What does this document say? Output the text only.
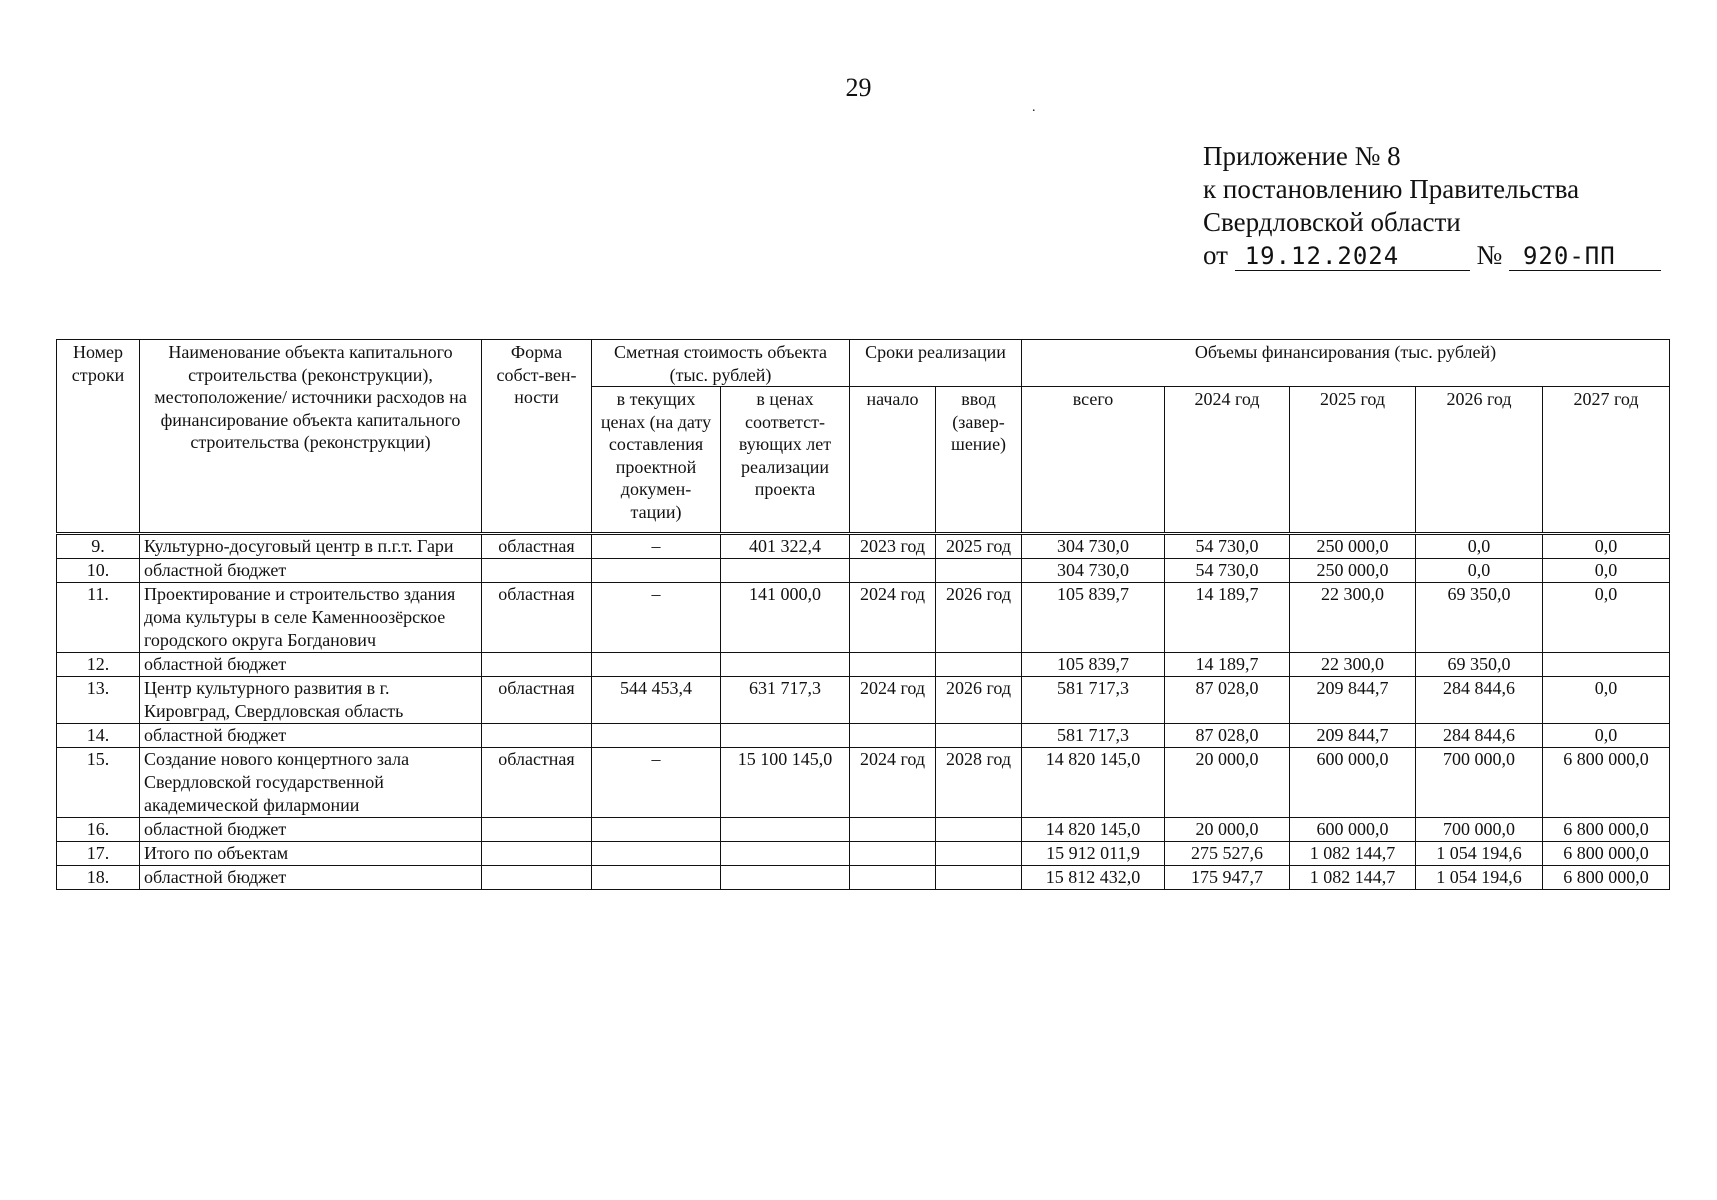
29
.
Приложение № 8
к постановлению Правительства
Свердловской области
от 19.12.2024	№ 920-ПП
Номер строки	Наименование объекта капитального строительства (реконструкции), местоположение/ источники расходов на финансирование объекта капитального строительства (реконструкции)	Форма собст-вен-ности	Сметная стоимость объекта (тыс. рублей)		Сроки реализации		Объемы финансирования (тыс. рублей)				
			в текущих ценах (на дату составления проектной докумен-тации)	в ценах соответст-вующих лет реализации проекта	начало	ввод (завер-шение)	всего	2024 год	2025 год	2026 год	2027 год
9.	Культурно-досуговый центр в п.г.т. Гари	областная	–	401 322,4	2023 год	2025 год	304 730,0	54 730,0	250 000,0	0,0	0,0
10.	областной бюджет						304 730,0	54 730,0	250 000,0	0,0	0,0
11.	Проектирование и строительство здания дома культуры в селе Каменноозёрское городского округа Богданович	областная	–	141 000,0	2024 год	2026 год	105 839,7	14 189,7	22 300,0	69 350,0	0,0
12.	областной бюджет						105 839,7	14 189,7	22 300,0	69 350,0	
13.	Центр культурного развития в г. Кировград, Свердловская область	областная	544 453,4	631 717,3	2024 год	2026 год	581 717,3	87 028,0	209 844,7	284 844,6	0,0
14.	областной бюджет						581 717,3	87 028,0	209 844,7	284 844,6	0,0
15.	Создание нового концертного зала Свердловской государственной академической филармонии	областная	–	15 100 145,0	2024 год	2028 год	14 820 145,0	20 000,0	600 000,0	700 000,0	6 800 000,0
16.	областной бюджет						14 820 145,0	20 000,0	600 000,0	700 000,0	6 800 000,0
17.	Итого по объектам						15 912 011,9	275 527,6	1 082 144,7	1 054 194,6	6 800 000,0
18.	областной бюджет						15 812 432,0	175 947,7	1 082 144,7	1 054 194,6	6 800 000,0
